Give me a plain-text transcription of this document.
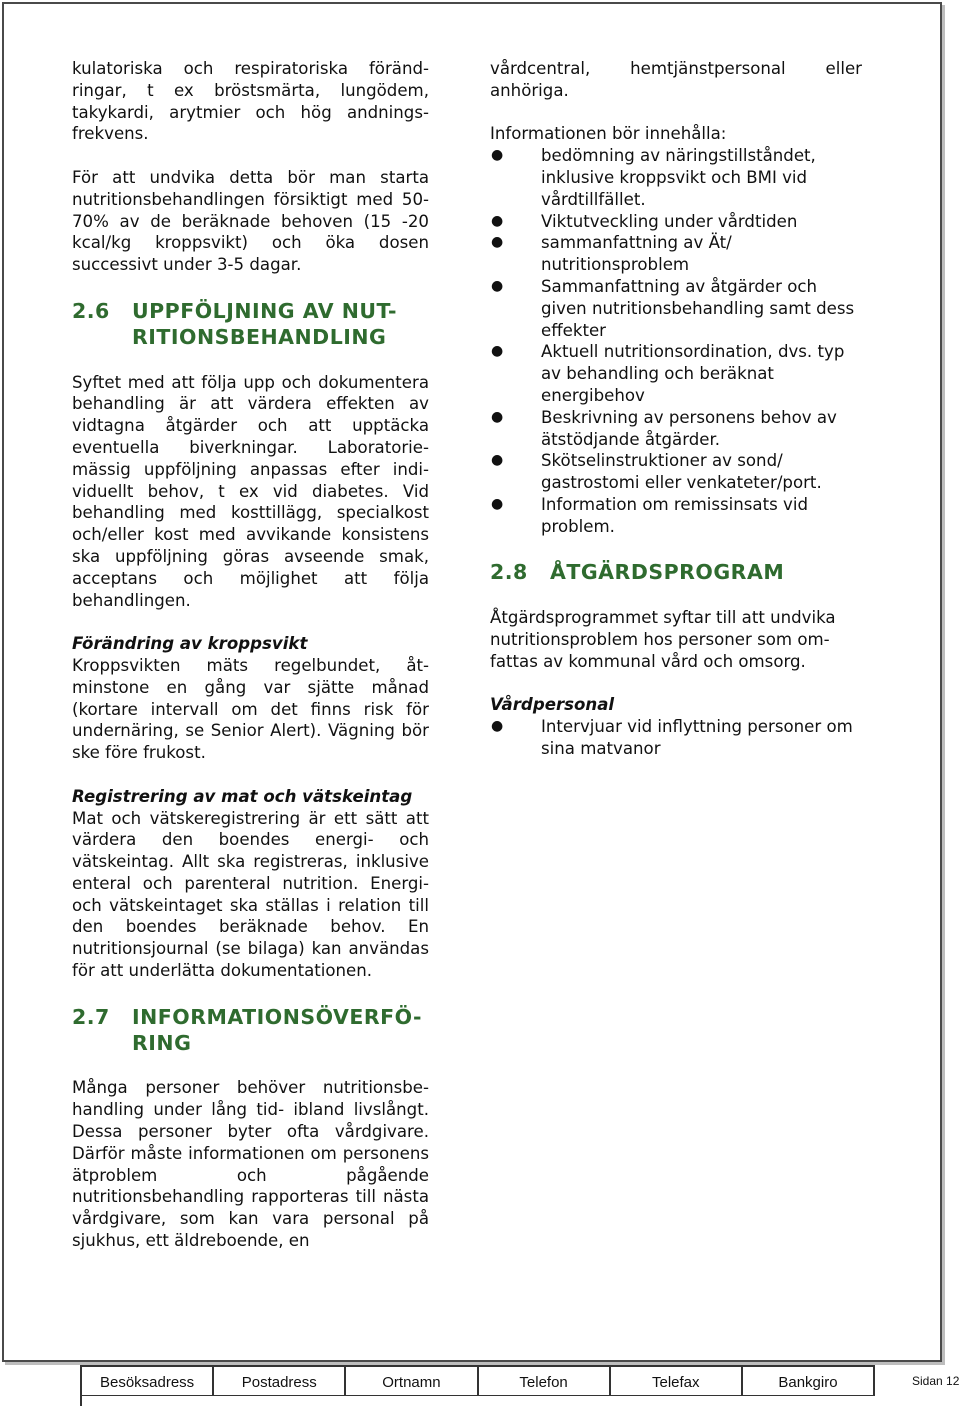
kulatoriska och respiratoriska förändringar, t ex bröstsmärta, lungödem, takykardi, arytmier och hög andningsfrekvens.

För att undvika detta bör man starta nutritionsbehandlingen försiktigt med 50-70% av de beräknade behoven (15 -20 kcal/kg kroppsvikt) och öka dosen successivt under 3-5 dagar.

2.6 UPPFÖLJNING AV NUT-
RITIONSBEHANDLING

Syftet med att följa upp och dokumentera behandling är att värdera effekten av vidtagna åtgärder och att upptäcka eventuella biverkningar. Laboratoriemässig uppföljning anpassas efter individuellt behov, t ex vid diabetes. Vid behandling med kosttillägg, specialkost och/eller kost med avvikande konsistens ska uppföljning göras avseende smak, acceptans och möjlighet att följa behandlingen.

Förändring av kroppsvikt
Kroppsvikten mäts regelbundet, åtminstone en gång var sjätte månad (kortare intervall om det finns risk för undernäring, se Senior Alert). Vägning bör ske före frukost.

Registrering av mat och vätskeintag
Mat och vätskeregistrering är ett sätt att värdera den boendes energi- och vätskeintag. Allt ska registreras, inklusive enteral och parenteral nutrition. Energi- och vätskeintaget ska ställas i relation till den boendes beräknade behov. En nutritionsjournal (se bilaga) kan användas för att underlätta dokumentationen.

2.7 INFORMATIONSÖVERFÖ-
RING

Många personer behöver nutritionsbehandling under lång tid- ibland livslångt. Dessa personer byter ofta vårdgivare. Därför måste informationen om personens ätproblem och pågående nutritionsbehandling rapporteras till nästa vårdgivare, som kan vara personal på sjukhus, ett äldreboende, en

vårdcentral, hemtjänstpersonal eller anhöriga.

Informationen bör innehålla:
● bedömning av näringstillståndet, inklusive kroppsvikt och BMI vid vårdtillfället.
● Viktutveckling under vårdtiden
● sammanfattning av Ät/ nutritionsproblem
● Sammanfattning av åtgärder och given nutritionsbehandling samt dess effekter
● Aktuell nutritionsordination, dvs. typ av behandling och beräknat energibehov
● Beskrivning av personens behov av ätstödjande åtgärder.
● Skötselinstruktioner av sond/ gastrostomi eller venkateter/port.
● Information om remissinsats vid problem.
2.8 ÅTGÄRDSPROGRAM

Åtgärdsprogrammet syftar till att undvika nutritionsproblem hos personer som omfattas av kommunal vård och omsorg.

Vårdpersonal
● Intervjuar vid inflyttning personer om sina matvanor
Besöksadress	Postadress	Ortnamn	Telefon	Telefax	Bankgiro	Sidan 12
